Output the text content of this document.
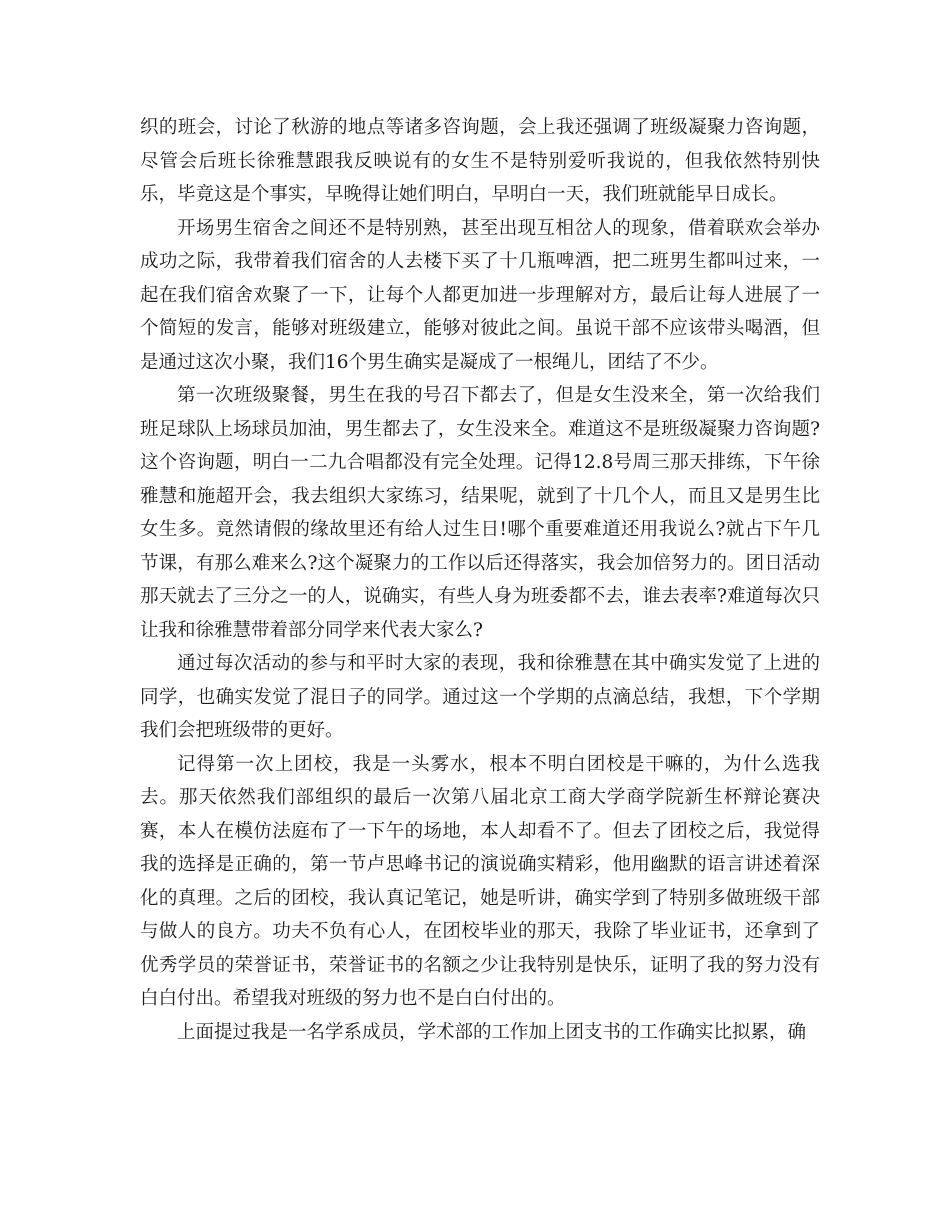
织的班会，讨论了秋游的地点等诸多咨询题，会上我还强调了班级凝聚力咨询题，尽管会后班长徐雅慧跟我反映说有的女生不是特别爱听我说的，但我依然特别快乐，毕竟这是个事实，早晚得让她们明白，早明白一天，我们班就能早日成长。

开场男生宿舍之间还不是特别熟，甚至出现互相岔人的现象，借着联欢会举办成功之际，我带着我们宿舍的人去楼下买了十几瓶啤酒，把二班男生都叫过来，一起在我们宿舍欢聚了一下，让每个人都更加进一步理解对方，最后让每人进展了一个简短的发言，能够对班级建立，能够对彼此之间。虽说干部不应该带头喝酒，但是通过这次小聚，我们16个男生确实是凝成了一根绳儿，团结了不少。

第一次班级聚餐，男生在我的号召下都去了，但是女生没来全，第一次给我们班足球队上场球员加油，男生都去了，女生没来全。难道这不是班级凝聚力咨询题?这个咨询题，明白一二九合唱都没有完全处理。记得12.8号周三那天排练，下午徐雅慧和施超开会，我去组织大家练习，结果呢，就到了十几个人，而且又是男生比女生多。竟然请假的缘故里还有给人过生日!哪个重要难道还用我说么?就占下午几节课，有那么难来么?这个凝聚力的工作以后还得落实，我会加倍努力的。团日活动那天就去了三分之一的人，说确实，有些人身为班委都不去，谁去表率?难道每次只让我和徐雅慧带着部分同学来代表大家么?

通过每次活动的参与和平时大家的表现，我和徐雅慧在其中确实发觉了上进的同学，也确实发觉了混日子的同学。通过这一个学期的点滴总结，我想，下个学期我们会把班级带的更好。

记得第一次上团校，我是一头雾水，根本不明白团校是干嘛的，为什么选我去。那天依然我们部组织的最后一次第八届北京工商大学商学院新生杯辩论赛决赛，本人在模仿法庭布了一下午的场地，本人却看不了。但去了团校之后，我觉得我的选择是正确的，第一节卢思峰书记的演说确实精彩，他用幽默的语言讲述着深化的真理。之后的团校，我认真记笔记，她是听讲，确实学到了特别多做班级干部与做人的良方。功夫不负有心人，在团校毕业的那天，我除了毕业证书，还拿到了优秀学员的荣誉证书，荣誉证书的名额之少让我特别是快乐，证明了我的努力没有白白付出。希望我对班级的努力也不是白白付出的。

上面提过我是一名学系成员，学术部的工作加上团支书的工作确实比拟累，确
